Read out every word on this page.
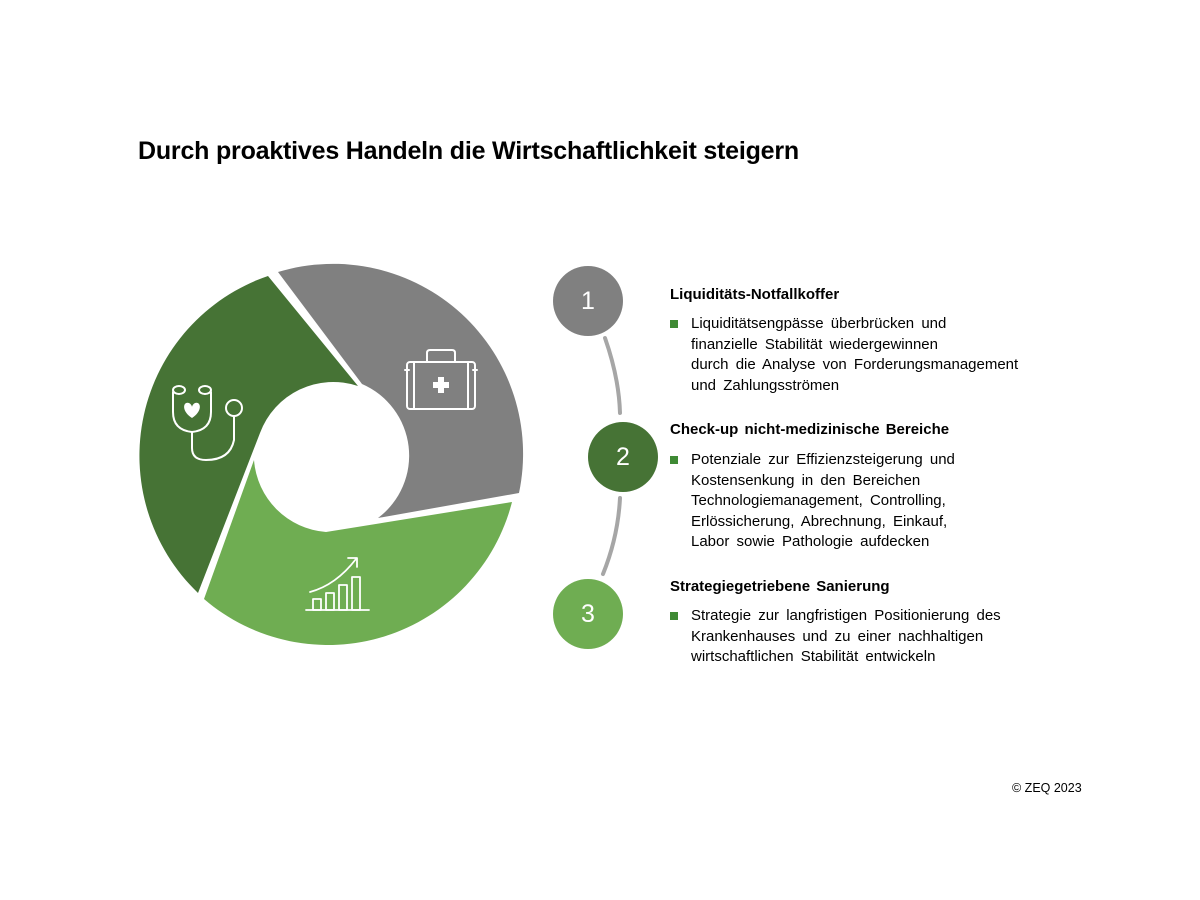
Durch proaktives Handeln die Wirtschaftlichkeit steigern
1	Liquiditäts-Notfallkoffer
Liquiditätsengpässe überbrücken und
finanzielle Stabilität wiedergewinnen
durch die Analyse von Forderungsmanagement
und Zahlungsströmen
2
Check-up nicht-medizinische Bereiche
Potenziale zur Effizienzsteigerung und
Kostensenkung in den Bereichen
Technologiemanagement, Controlling,
Erlössicherung, Abrechnung, Einkauf,
Labor sowie Pathologie aufdecken
3
Strategiegetriebene Sanierung
Strategie zur langfristigen Positionierung des
Krankenhauses und zu einer nachhaltigen
wirtschaftlichen Stabilität entwickeln
© ZEQ 2023
